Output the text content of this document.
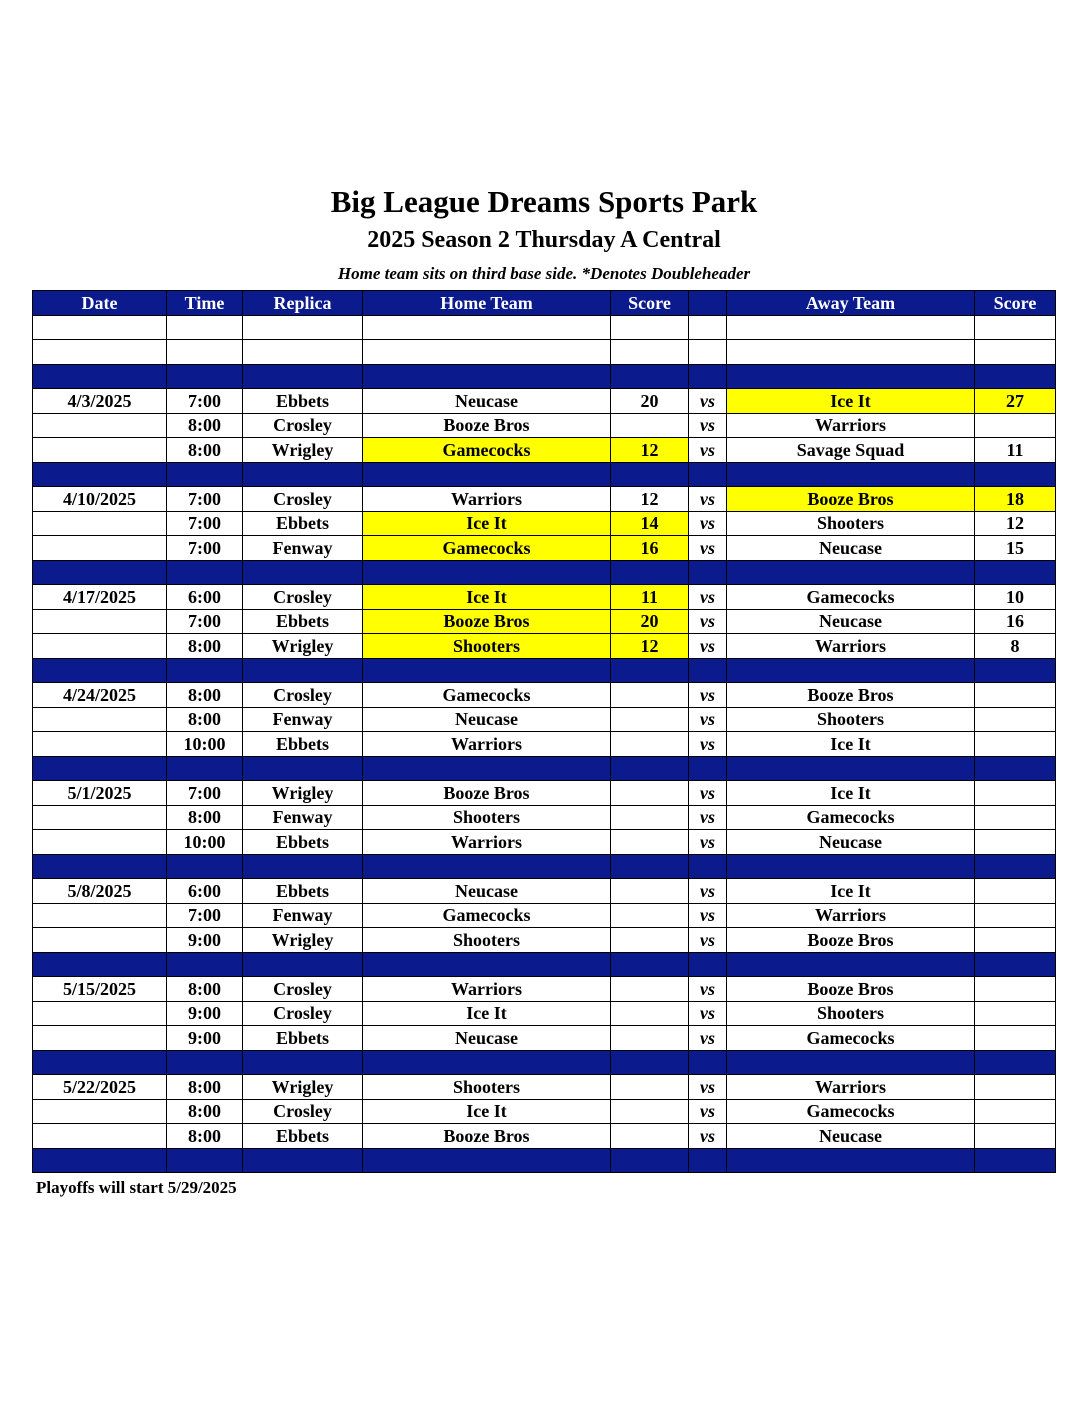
Big League Dreams Sports Park
2025 Season 2 Thursday A Central
Home team sits on third base side. *Denotes Doubleheader
Date	Time	Replica	Home Team	Score		Away Team	Score

4/3/2025	7:00	Ebbets	Neucase	20	vs	Ice It	27
	8:00	Crosley	Booze Bros		vs	Warriors	
	8:00	Wrigley	Gamecocks	12	vs	Savage Squad	11

4/10/2025	7:00	Crosley	Warriors	12	vs	Booze Bros	18
	7:00	Ebbets	Ice It	14	vs	Shooters	12
	7:00	Fenway	Gamecocks	16	vs	Neucase	15

4/17/2025	6:00	Crosley	Ice It	11	vs	Gamecocks	10
	7:00	Ebbets	Booze Bros	20	vs	Neucase	16
	8:00	Wrigley	Shooters	12	vs	Warriors	8

4/24/2025	8:00	Crosley	Gamecocks		vs	Booze Bros	
	8:00	Fenway	Neucase		vs	Shooters	
	10:00	Ebbets	Warriors		vs	Ice It	

5/1/2025	7:00	Wrigley	Booze Bros		vs	Ice It	
	8:00	Fenway	Shooters		vs	Gamecocks	
	10:00	Ebbets	Warriors		vs	Neucase	

5/8/2025	6:00	Ebbets	Neucase		vs	Ice It	
	7:00	Fenway	Gamecocks		vs	Warriors	
	9:00	Wrigley	Shooters		vs	Booze Bros	

5/15/2025	8:00	Crosley	Warriors		vs	Booze Bros	
	9:00	Crosley	Ice It		vs	Shooters	
	9:00	Ebbets	Neucase		vs	Gamecocks	

5/22/2025	8:00	Wrigley	Shooters		vs	Warriors	
	8:00	Crosley	Ice It		vs	Gamecocks	
	8:00	Ebbets	Booze Bros		vs	Neucase	

Playoffs will start 5/29/2025
